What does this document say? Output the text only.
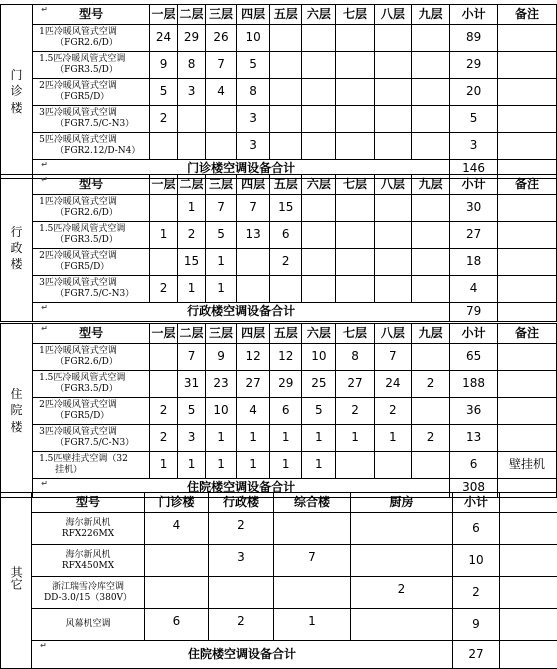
门
诊
楼	型号
↵	一层	二层	三层	四层	五层	六层	七层	八层	九层	小计	备注
	1匹冷暖风管式空调
（FGR2.6/D）	24	29	26	10						89	
	1.5匹冷暖风管式空调
（FGR3.5/D）	9	8	7	5						29	
	2匹冷暖风管式空调
（FGR5/D）	5	3	4	8						20	
	3匹冷暖风管式空调
（FGR7.5/C-N3）	2			3						5	
	5匹冷暖风管式空调
（FGR2.12/D-N4）				3						3	

	↵ 门诊楼空调设备合计										146	
行
政
楼	型号
↵	一层	二层	三层	四层	五层	六层	七层	八层	九层	小计	备注
	1匹冷暖风管式空调
（FGR2.6/D）		1	7	7	15					30	
	1.5匹冷暖风管式空调
（FGR3.5/D）	1	2	5	13	6					27	
	2匹冷暖风管式空调
（FGR5/D）		15	1		2					18	
	3匹冷暖风管式空调
（FGR7.5/C-N3）	2	1	1							4	

	↵ 行政楼空调设备合计										79	
住
院
楼	型号
↵	一层	二层	三层	四层	五层	六层	七层	八层	九层	小计	备注
	1匹冷暖风管式空调
（FGR2.6/D）		7	9	12	12	10	8	7		65	
	1.5匹冷暖风管式空调
（FGR3.5/D）		31	23	27	29	25	27	24	2	188	
	2匹冷暖风管式空调
（FGR5/D）	2	5	10	4	6	5	2	2		36	
	3匹冷暖风管式空调
（FGR7.5/C-N3）	2	3	1	1	1	1	1	1	2	13	
	1.5匹壁挂式空调（32
挂机）	1	1	1	1	1	1				6	壁挂机

	↵ 住院楼空调设备合计										308	
其它	型号	门诊楼	行政楼	综合楼	厨房	小计	

	海尔新风机
RFX226MX	4	2			6	

	海尔新风机
RFX450MX		3	7		10	

	浙江瑞雪冷库空调
DD-3.0/15（380V）				2	2	

	风幕机空调	6	2	1		9	

	↵
住院楼空调设备合计					27	
